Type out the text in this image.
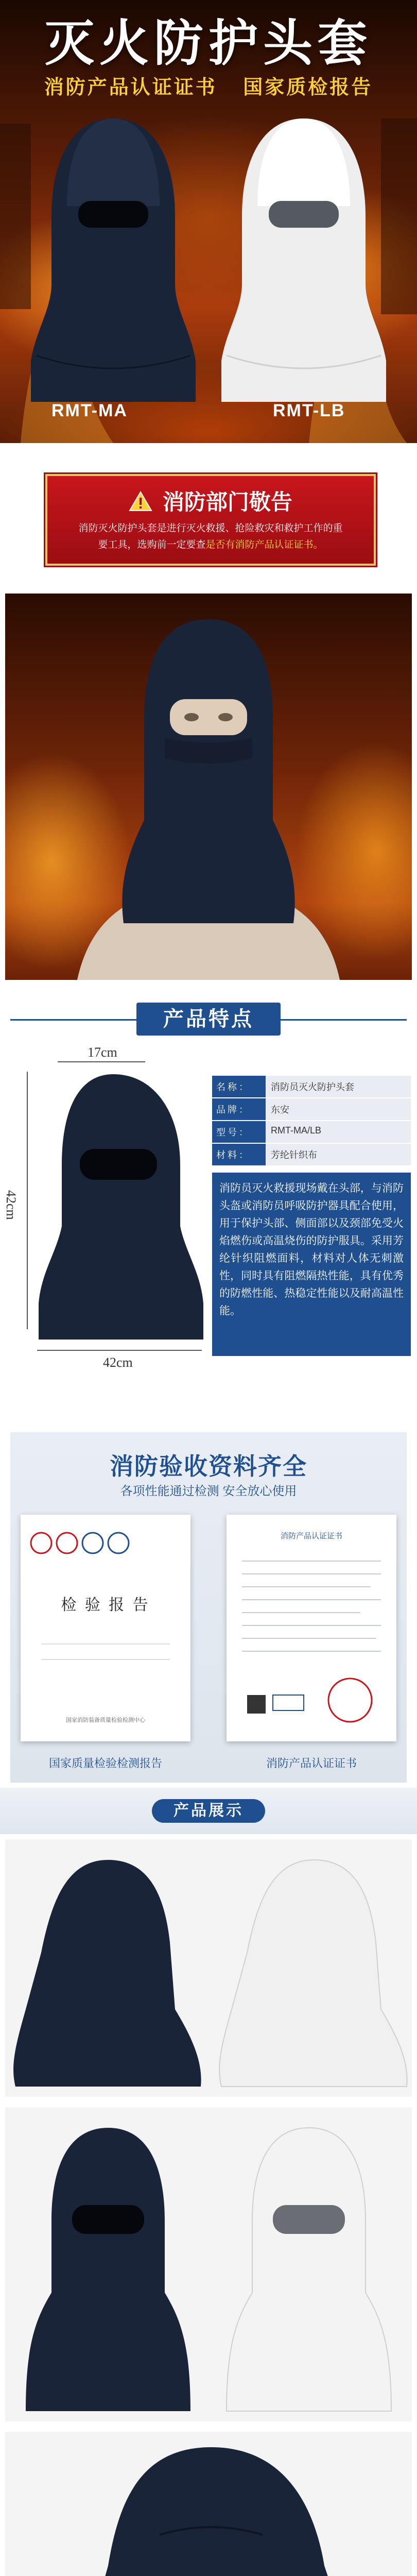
灭火防护头套
消防产品认证证书 国家质检报告
RMT-MA	RMT-LB
消防部门敬告
消防灭火防护头套是进行灭火救援、抢险救灾和救护工作的重
要工具，选购前一定要查是否有消防产品认证证书。
产品特点
17cm
42cm
42cm
名称：	消防员灭火防护头套
品牌：	东安
型号：	RMT-MA/LB
材料：	芳纶针织布
消防员灭火救援现场戴在头部，与消防头盔或消防员呼吸防护器具配合使用，用于保护头部、侧面部以及颈部免受火焰燃伤或高温烧伤的防护服具。采用芳纶针织阻燃面料，材料对人体无刺激性，同时具有阻燃隔热性能，具有优秀的防燃性能、热稳定性能以及耐高温性能。
消防验收资料齐全
各项性能通过检测 安全放心使用
检 验 报 告
国家消防装备质量检验检测中心
消防产品认证证书
国家质量检验检测报告	消防产品认证证书
产品展示
